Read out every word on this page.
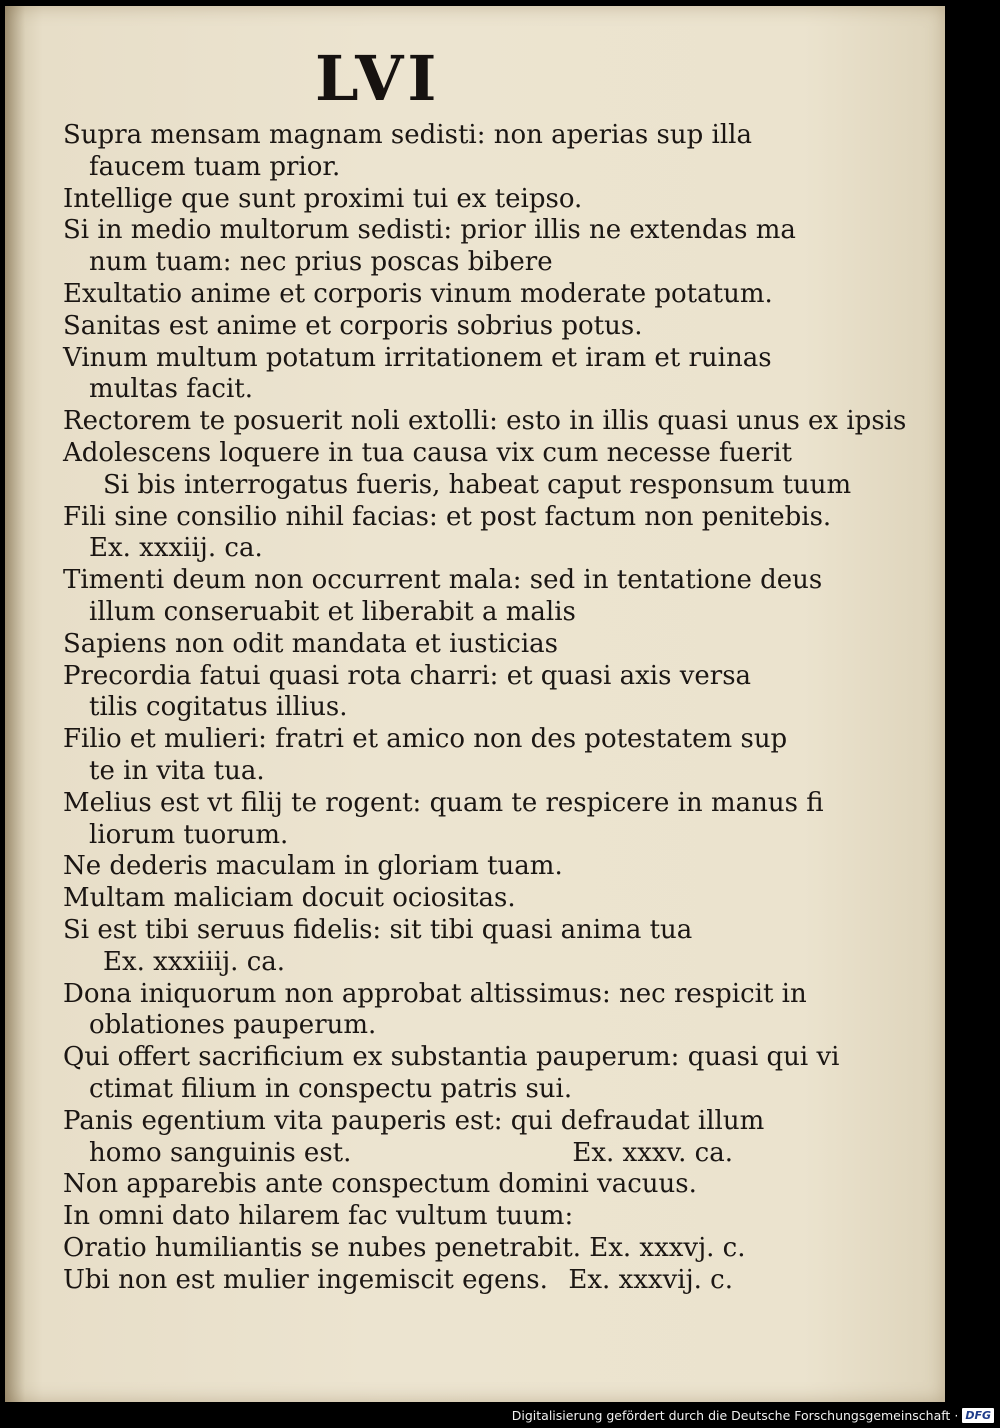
LVI
Supra mensam magnam sedisti: non aperias sup illa
faucem tuam prior.
Intellige que sunt proximi tui ex teipso.
Si in medio multorum sedisti: prior illis ne extendas ma
num tuam: nec prius poscas bibere
Exultatio anime et corporis vinum moderate potatum.
Sanitas est anime et corporis sobrius potus.
Vinum multum potatum irritationem et iram et ruinas
multas facit.
Rectorem te posuerit noli extolli: esto in illis quasi unus ex ipsis
Adolescens loquere in tua causa vix cum necesse fuerit
Si bis interrogatus fueris, habeat caput responsum tuum
Fili sine consilio nihil facias: et post factum non penitebis.
Ex. xxxiij. ca.
Timenti deum non occurrent mala: sed in tentatione deus
illum conseruabit et liberabit a malis
Sapiens non odit mandata et iusticias
Precordia fatui quasi rota charri: et quasi axis versa
tilis cogitatus illius.
Filio et mulieri: fratri et amico non des potestatem sup
te in vita tua.
Melius est vt filij te rogent: quam te respicere in manus fi
liorum tuorum.
Ne dederis maculam in gloriam tuam.
Multam maliciam docuit ociositas.
Si est tibi seruus fidelis: sit tibi quasi anima tua
Ex. xxxiiij. ca.
Dona iniquorum non approbat altissimus: nec respicit in
oblationes pauperum.
Qui offert sacrificium ex substantia pauperum: quasi qui vi
ctimat filium in conspectu patris sui.
Panis egentium vita pauperis est: qui defraudat illum
homo sanguinis est.	Ex. xxxv. ca.
Non apparebis ante conspectum domini vacuus.
In omni dato hilarem fac vultum tuum:
Oratio humiliantis se nubes penetrabit. Ex. xxxvj. c.
Ubi non est mulier ingemiscit egens. Ex. xxxvij. c.
Digitalisierung gefördert durch die Deutsche Forschungsgemeinschaft · DFG
